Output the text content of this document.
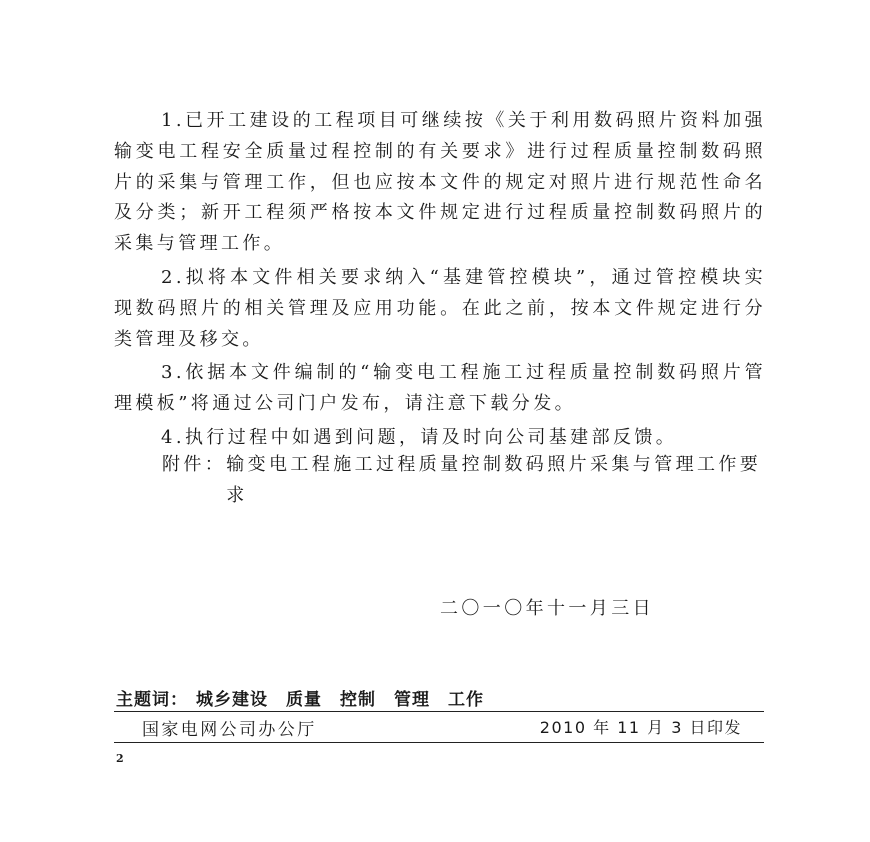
1.已开工建设的工程项目可继续按《关于利用数码照片资料加强输变电工程安全质量过程控制的有关要求》进行过程质量控制数码照片的采集与管理工作，但也应按本文件的规定对照片进行规范性命名及分类；新开工程须严格按本文件规定进行过程质量控制数码照片的采集与管理工作。

2.拟将本文件相关要求纳入“基建管控模块”，通过管控模块实现数码照片的相关管理及应用功能。在此之前，按本文件规定进行分类管理及移交。

3.依据本文件编制的“输变电工程施工过程质量控制数码照片管理模板”将通过公司门户发布，请注意下载分发。

4.执行过程中如遇到问题，请及时向公司基建部反馈。

附件： 输变电工程施工过程质量控制数码照片采集与管理工作要求
二〇一〇年十一月三日
主题词： 城乡建设 质量 控制 管理 工作
国家电网公司办公厅	2010 年 11 月 3 日印发
2
